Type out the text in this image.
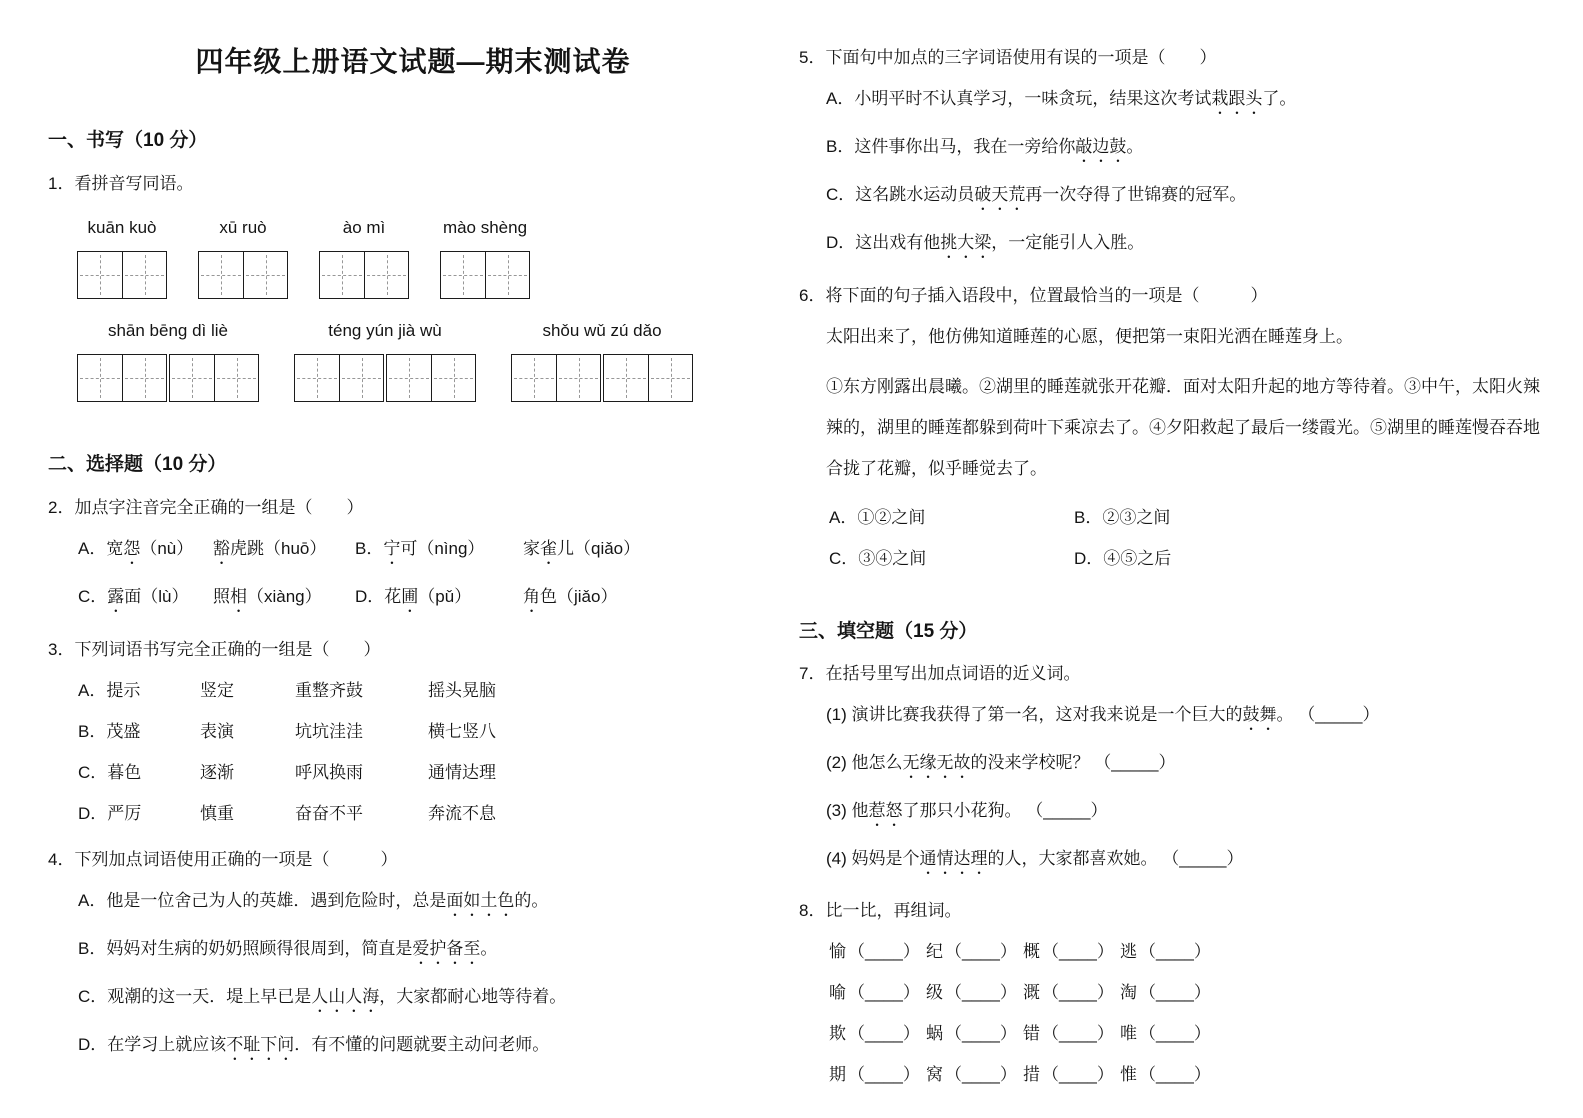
四年级上册语文试题—期末测试卷
一、书写（10 分）
1．看拼音写同语。
kuān kuò	xū ruò	ào mì	mào shèng
shān bēng dì liè	téng yún jià wù	shǒu wǔ zú dǎo
二、选择题（10 分）
2．加点字注音完全正确的一组是（　　）
A．宽怨（nù）	豁虎跳（huō）	B．宁可（nìng）	家雀儿（qiǎo）
C．露面（lù）	照相（xiàng）	D．花圃（pǔ）	角色（jiǎo）
3．下列词语书写完全正确的一组是（　　）
A．提示	竖定	重整齐鼓	摇头晃脑
B．茂盛	表演	坑坑洼洼	横七竖八
C．暮色	逐渐	呼风换雨	通情达理
D．严厉	慎重	奋奋不平	奔流不息
4．下列加点词语使用正确的一项是（　　　）
A．他是一位舍己为人的英雄．遇到危险时，总是面如土色的。
B．妈妈对生病的奶奶照顾得很周到，简直是爱护备至。
C．观潮的这一天．堤上早已是人山人海，大家都耐心地等待着。
D．在学习上就应该不耻下问．有不懂的问题就要主动问老师。
5．下面句中加点的三字词语使用有误的一项是（　　）
A．小明平时不认真学习，一味贪玩，结果这次考试栽跟头了。
B．这件事你出马，我在一旁给你敲边鼓。
C．这名跳水运动员破天荒再一次夺得了世锦赛的冠军。
D．这出戏有他挑大梁，一定能引人入胜。
6．将下面的句子插入语段中，位置最恰当的一项是（　　　）
太阳出来了，他仿佛知道睡莲的心愿，便把第一束阳光洒在睡莲身上。
①东方刚露出晨曦。②湖里的睡莲就张开花瓣．面对太阳升起的地方等待着。③中午，太阳火辣辣的，湖里的睡莲都躲到荷叶下乘凉去了。④夕阳救起了最后一缕霞光。⑤湖里的睡莲慢吞吞地合拢了花瓣，似乎睡觉去了。
A．①②之间	B．②③之间
C．③④之间	D．④⑤之后
三、填空题（15 分）
7．在括号里写出加点词语的近义词。
(1) 演讲比赛我获得了第一名，这对我来说是一个巨大的鼓舞。 （_____）
(2) 他怎么无缘无故的没来学校呢？ （_____）
(3) 他惹怒了那只小花狗。 （_____）
(4) 妈妈是个通情达理的人，大家都喜欢她。 （_____）
8．比一比，再组词。
愉 （____） 纪 （____） 概 （____） 逃 （____）
喻 （____） 级 （____） 溉 （____） 淘 （____）
欺 （____） 蜗 （____） 错 （____） 唯 （____）
期 （____） 窝 （____） 措 （____） 惟 （____）
